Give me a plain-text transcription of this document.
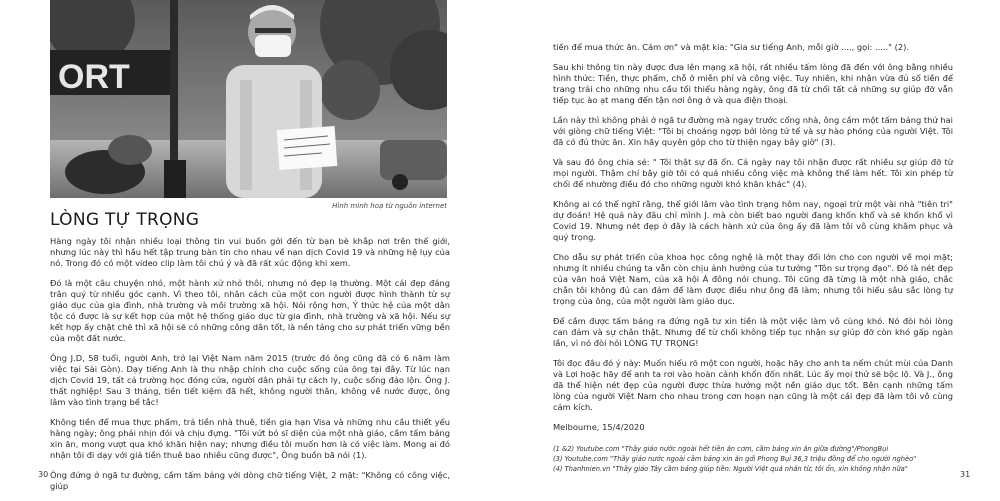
ORT
Hình minh hoạ từ nguồn internet
LÒNG TỰ TRỌNG

Hàng ngày tôi nhận nhiều loại thông tin vui buồn gởi đến từ bạn bè khắp nơi trên thế giới, nhưng lúc này thì hầu hết tập trung bàn tin cho nhau về nạn dịch Covid 19 và những hệ lụy của nó. Trong đó có một video clip làm tôi chú ý và đã rất xúc động khi xem.

Đó là một câu chuyện nhỏ, một hành xử nhỏ thôi, nhưng nó đẹp lạ thường. Một cái đẹp đáng trân quý từ nhiều góc cạnh. Vì theo tôi, nhân cách của một con người được hình thành từ sự giáo dục của gia đình, nhà trường và môi trường xã hội. Nói rộng hơn, Ý thức hệ của một dân tộc có được là sự kết hợp của một hệ thống giáo dục từ gia đình, nhà trường và xã hội. Nếu sự kết hợp ấy chặt chẽ thì xã hội sẽ có những công dân tốt, là nền tảng cho sự phát triển vững bền của một đất nước.

Ông J.D, 58 tuổi, người Anh, trở lại Việt Nam năm 2015 (trước đó ông cũng đã có 6 năm làm việc tại Sài Gòn). Dạy tiếng Anh là thu nhập chính cho cuộc sống của ông tại đây. Từ lúc nạn dịch Covid 19, tất cả trường học đóng cửa, người dân phải tự cách ly, cuộc sống đảo lộn. Ông J. thất nghiệp! Sau 3 tháng, tiền tiết kiệm đã hết, không người thân, không về nước được, ông lâm vào tình trạng bế tắc!

Không tiền để mua thực phẩm, trả tiền nhà thuê, tiền gia hạn Visa và những nhu cầu thiết yếu hàng ngày; ông phải nhịn đói và chịu đựng. "Tôi vứt bỏ sĩ diện của một nhà giáo, cầm tấm bảng xin ăn, mong vượt qua khó khăn hiện nay; nhưng điều tôi muốn hơn là có việc làm. Mong ai đó nhận tôi đi dạy với giá tiền thuê bao nhiêu cũng được", Ông buồn bã nói (1).

Ông đứng ở ngã tư đường, cầm tấm bảng với dòng chữ tiếng Việt, 2 mặt: "Không có công việc, giúp

30	31

tiền để mua thức ăn. Cám ơn" và mặt kia: "Gia sư tiếng Anh, mỗi giờ ...., gọi: ....." (2).

Sau khi thông tin này được đưa lên mạng xã hội, rất nhiều tấm lòng đã đến với ông bằng nhiều hình thức: Tiền, thực phẩm, chỗ ở miễn phí và công việc. Tuy nhiên, khi nhận vừa đủ số tiền để trang trải cho những nhu cầu tối thiểu hàng ngày, ông đã từ chối tất cả những sự giúp đỡ vẫn tiếp tục ào ạt mang đến tận nơi ông ở và qua điện thoại.

Lần này thì không phải ở ngã tư đường mà ngay trước cổng nhà, ông cầm một tấm bảng thứ hai với giòng chữ tiếng Việt: "Tôi bị choáng ngợp bởi lòng tử tế và sự hào phóng của người Việt. Tôi đã có đủ thức ăn. Xin hãy quyên góp cho từ thiện ngay bây giờ" (3).

Và sau đó ông chia sẻ: " Tôi thật sự đã ổn. Cả ngày nay tôi nhận được rất nhiều sự giúp đỡ từ mọi người. Thậm chí bây giờ tôi có quá nhiều công việc mà không thể làm hết. Tôi xin phép từ chối để nhường điều đó cho những người khó khăn khác" (4).

Không ai có thể nghĩ rằng, thế giới lâm vào tình trạng hôm nay, ngoại trừ một vài nhà "tiên tri" dự đoán! Hệ quả này đâu chỉ mình J. mà còn biết bao người đang khốn khổ và sẽ khốn khổ vì Covid 19. Nhưng nét đẹp ở đây là cách hành xử của ông ấy đã làm tôi vô cùng khâm phục và quý trọng.

Cho dẫu sự phát triển của khoa học công nghệ là một thay đổi lớn cho con người về mọi mặt; nhưng ít nhiều chúng ta vẫn còn chịu ảnh hưởng của tư tưởng "Tôn sư trọng đạo". Đó là nét đẹp của văn hoá Việt Nam, của xã hội Á đông nói chung. Tôi cũng đã từng là một nhà giáo, chắc chắn tôi không đủ can đảm để làm được điều như ông đã làm; nhưng tôi hiểu sâu sắc lòng tự trọng của ông, của một người làm giáo dục.

Để cầm được tấm bảng ra đứng ngã tư xin tiền là một việc làm vô cùng khó. Nó đòi hỏi lòng can đảm và sự chân thật. Nhưng để từ chối không tiếp tục nhận sự giúp đỡ còn khó gấp ngàn lần, vì nó đòi hỏi LÒNG TỰ TRỌNG!

Tôi đọc đâu đó ý này: Muốn hiểu rõ một con người, hoặc hãy cho anh ta nếm chút mùi của Danh và Lợi hoặc hãy để anh ta rơi vào hoàn cảnh khốn đốn nhất. Lúc ấy mọi thứ sẽ bộc lộ. Và J., ông đã thể hiện nét đẹp của người được thừa hưởng một nền giáo dục tốt. Bên cạnh những tấm lòng của người Việt Nam cho nhau trong cơn hoạn nạn cũng là một cái đẹp đã làm tôi vô cùng cảm kích.

Melbourne, 15/4/2020

(1 &2) Youtube.com "Thầy giáo nước ngoài hết tiền ăn cơm, cầm bảng xin ăn giữa đường"/PhongBụi
(3) Youtube.com "Thầy giáo nước ngoài cầm bảng xin ăn gởi Phong Bụi 36,3 triệu đồng để cho người nghèo"
(4) Thanhnien.vn "Thầy giáo Tây cầm bảng giúp tiền: Người Việt quá nhân từ; tôi ổn, xin không nhận nữa"
